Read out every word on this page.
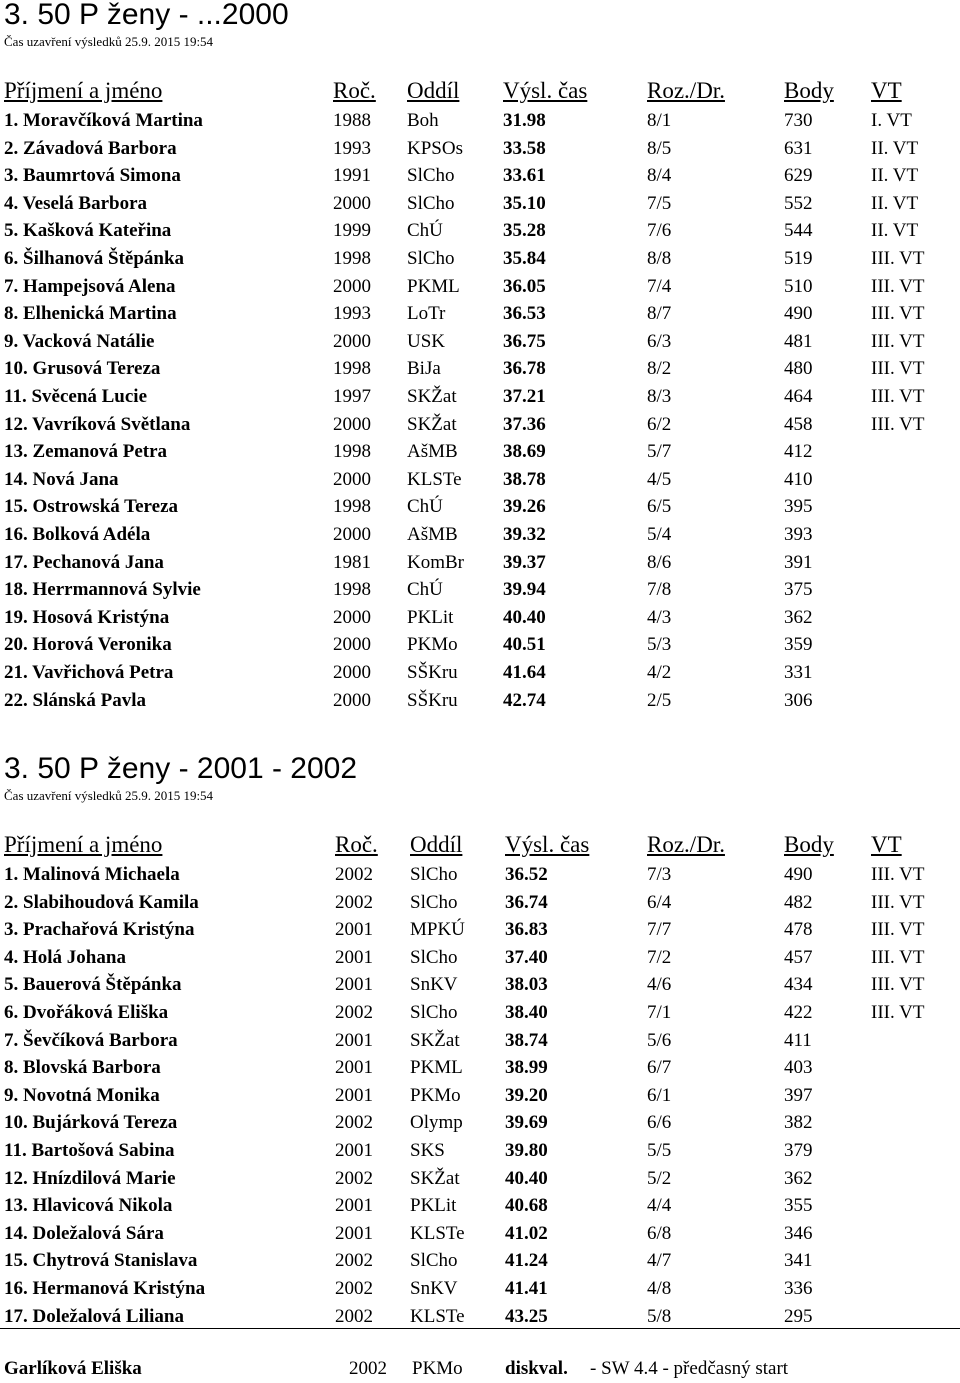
3. 50 P ženy - ...2000
Čas uzavření výsledků 25.9. 2015 19:54
Příjmení a jméno	Roč. Oddíl Výsl. čas	Roz./Dr.	Body VT
1. Moravčíková Martina	1988 Boh	31.98	8/1	730	I. VT
2. Závadová Barbora	1993 KPSOs 33.58	8/5	631	II. VT
3. Baumrtová Simona	1991 SlCho	33.61	8/4	629	II. VT
4. Veselá Barbora	2000 SlCho	35.10	7/5	552	II. VT
5. Kašková Kateřina	1999 ChÚ	35.28	7/6	544	II. VT
6. Šilhanová Štěpánka	1998 SlCho	35.84	8/8	519	III. VT
7. Hampejsová Alena	2000 PKML 36.05	7/4	510	III. VT
8. Elhenická Martina	1993 LoTr	36.53	8/7	490	III. VT
9. Vacková Natálie	2000 USK	36.75	6/3	481	III. VT
10. Grusová Tereza	1998 BiJa	36.78	8/2	480	III. VT
11. Svěcená Lucie	1997 SKŽat 37.21	8/3	464	III. VT
12. Vavríková Světlana	2000 SKŽat 37.36	6/2	458	III. VT
13. Zemanová Petra	1998 AšMB 38.69	5/7	412
14. Nová Jana	2000 KLSTe 38.78	4/5	410
15. Ostrowská Tereza	1998 ChÚ	39.26	6/5	395
16. Bolková Adéla	2000 AšMB 39.32	5/4	393
17. Pechanová Jana	1981 KomBr 39.37	8/6	391
18. Herrmannová Sylvie	1998 ChÚ	39.94	7/8	375
19. Hosová Kristýna	2000 PKLit	40.40	4/3	362
20. Horová Veronika	2000 PKMo 40.51	5/3	359
21. Vavřichová Petra	2000 SŠKru 41.64	4/2	331
22. Slánská Pavla	2000 SŠKru 42.74	2/5	306
3. 50 P ženy - 2001 - 2002
Čas uzavření výsledků 25.9. 2015 19:54
Příjmení a jméno	Roč. Oddíl Výsl. čas	Roz./Dr.	Body VT
1. Malinová Michaela	2002 SlCho 36.52	7/3	490	III. VT
2. Slabihoudová Kamila	2002 SlCho 36.74	6/4	482	III. VT
3. Prachařová Kristýna	2001 MPKÚ 36.83	7/7	478	III. VT
4. Holá Johana	2001 SlCho 37.40	7/2	457	III. VT
5. Bauerová Štěpánka	2001 SnKV 38.03	4/6	434	III. VT
6. Dvořáková Eliška	2002 SlCho 38.40	7/1	422	III. VT
7. Ševčíková Barbora	2001 SKŽat 38.74	5/6	411
8. Blovská Barbora	2001 PKML 38.99	6/7	403
9. Novotná Monika	2001 PKMo 39.20	6/1	397
10. Bujárková Tereza	2002 Olymp 39.69	6/6	382
11. Bartošová Sabina	2001 SKS	39.80	5/5	379
12. Hnízdilová Marie	2002 SKŽat 40.40	5/2	362
13. Hlavicová Nikola	2001 PKLit	40.68	4/4	355
14. Doležalová Sára	2001 KLSTe 41.02	6/8	346
15. Chytrová Stanislava	2002 SlCho 41.24	4/7	341
16. Hermanová Kristýna	2002 SnKV 41.41	4/8	336
17. Doležalová Liliana	2002 KLSTe 43.25	5/8	295
Garlíková Eliška	2002 PKMo diskval. - SW 4.4 - předčasný start
